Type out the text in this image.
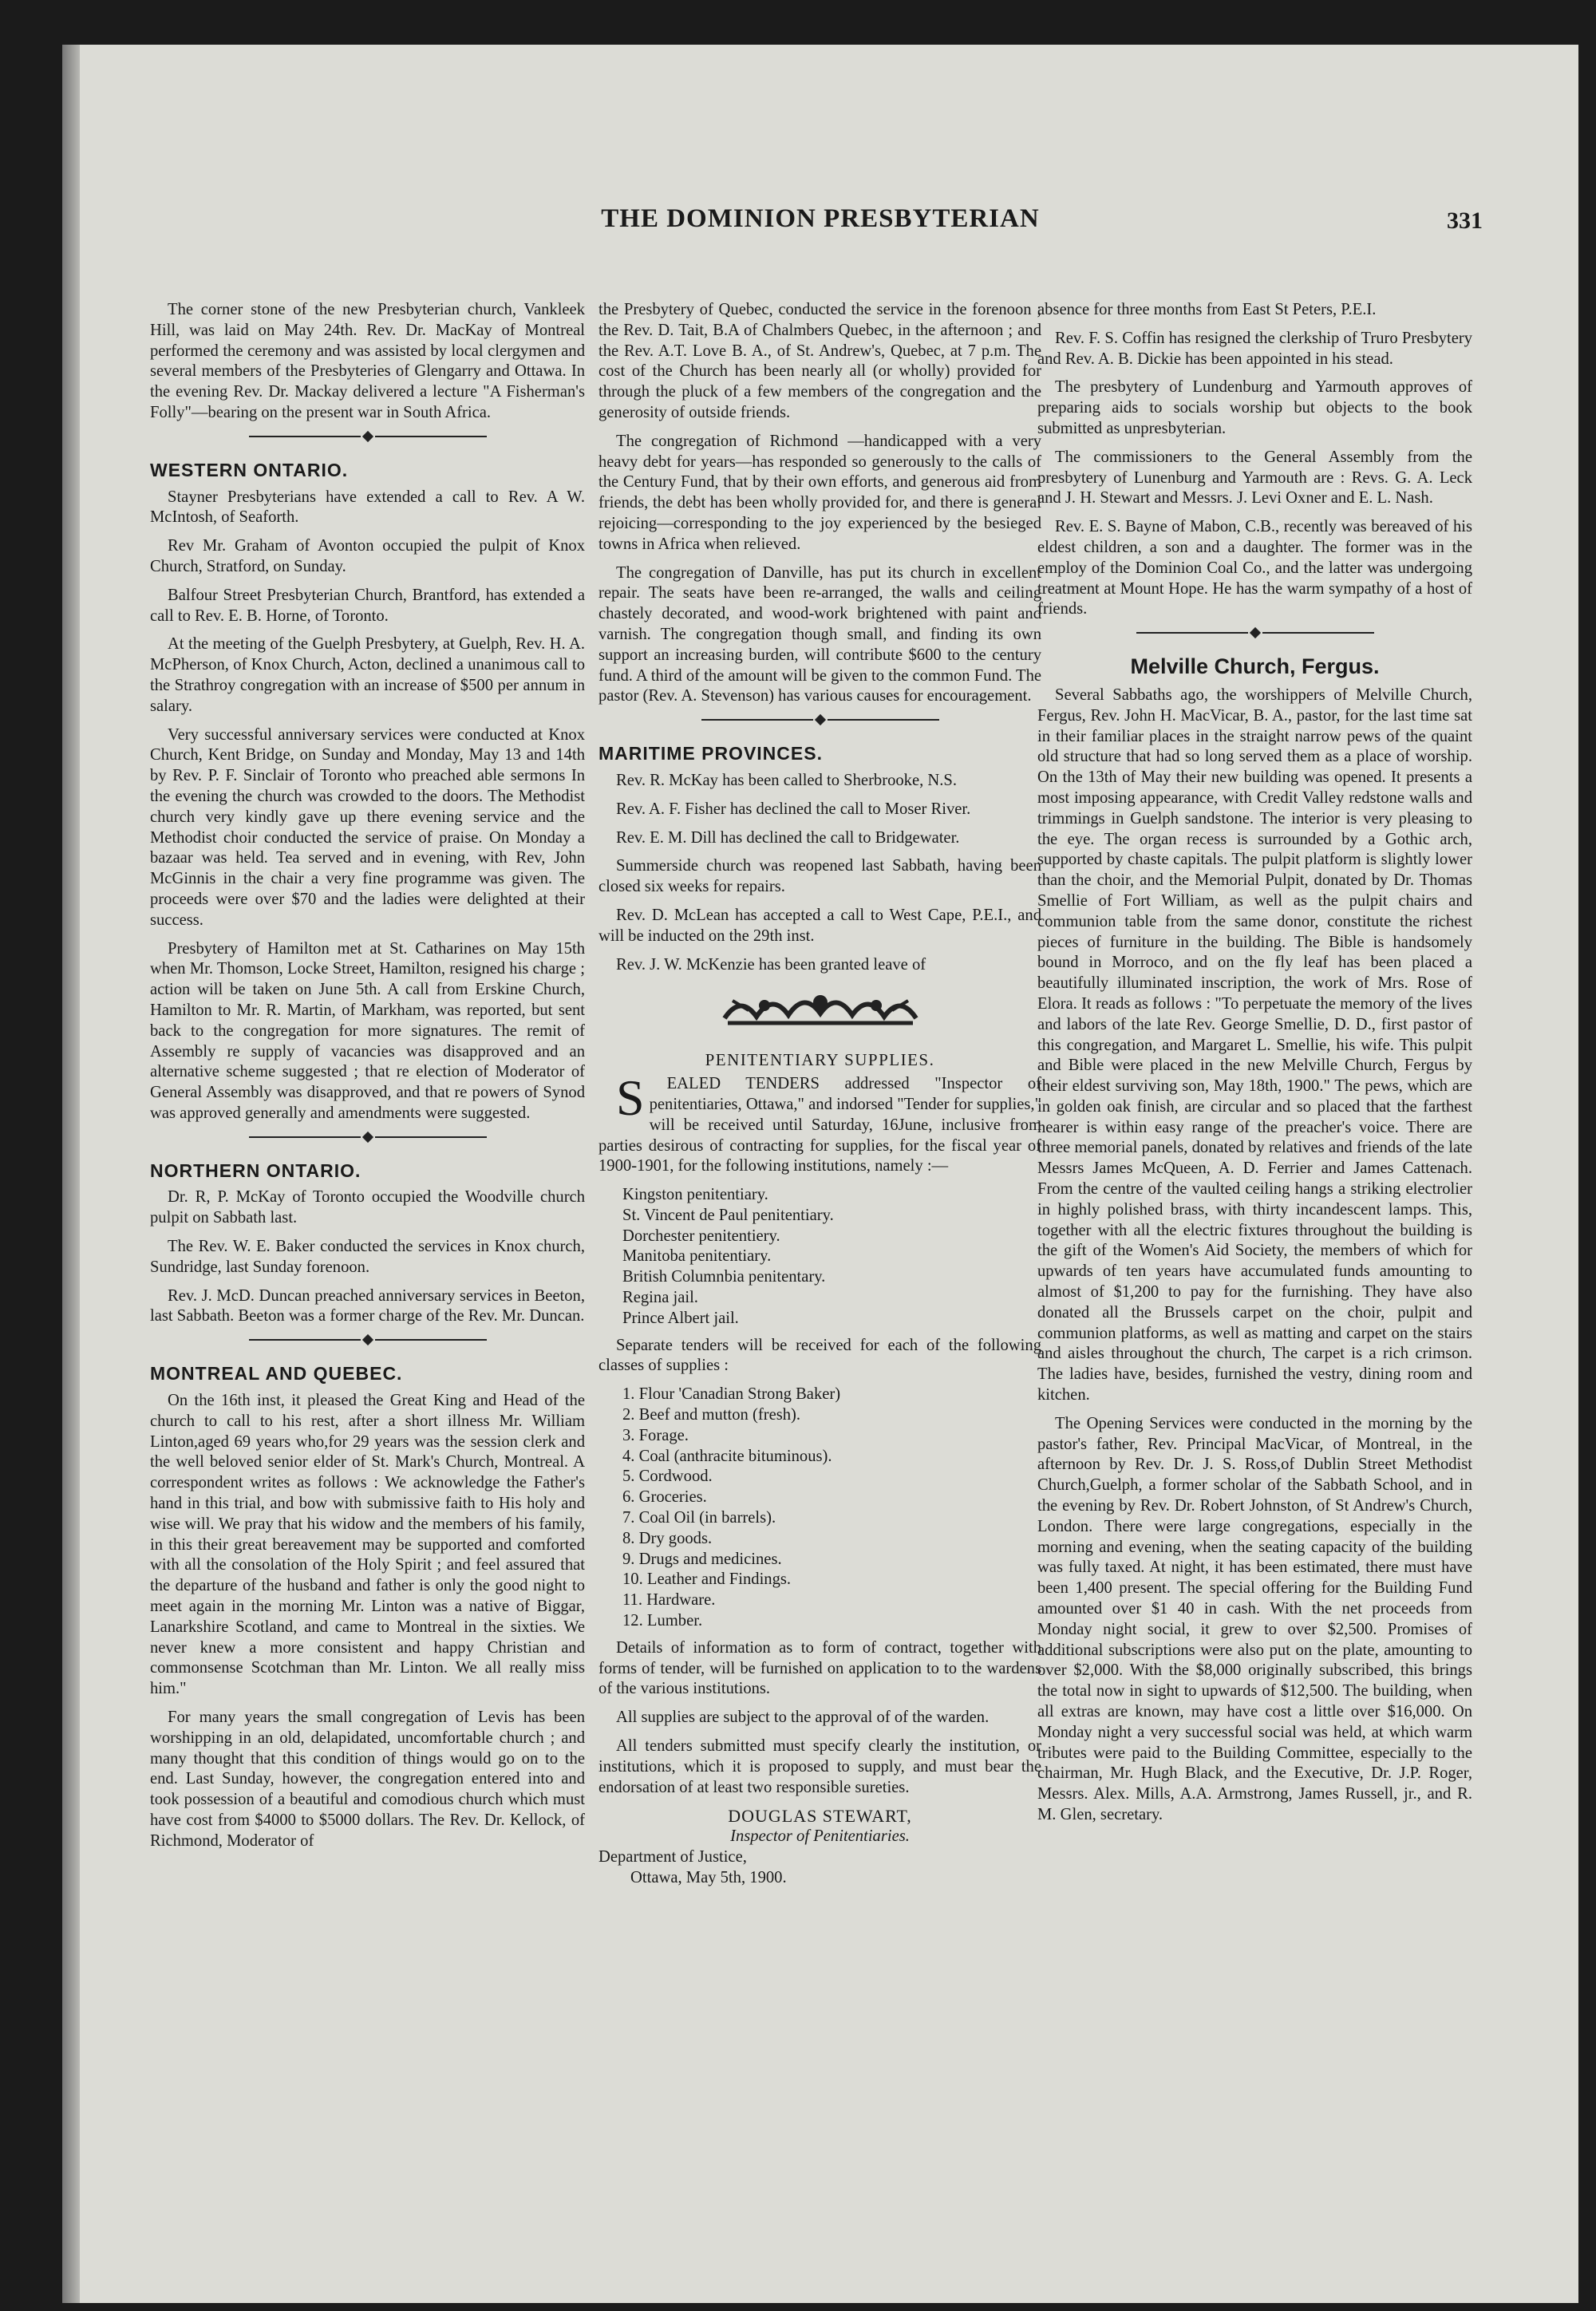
THE DOMINION PRESBYTERIAN	331

The corner stone of the new Presbyterian church, Vankleek Hill, was laid on May 24th. Rev. Dr. MacKay of Montreal performed the ceremony and was assisted by local clergymen and several members of the Presbyteries of Glengarry and Ottawa. In the evening Rev. Dr. Mackay delivered a lecture "A Fisherman's Folly"—bearing on the present war in South Africa.

WESTERN ONTARIO.

Stayner Presbyterians have extended a call to Rev. A W. McIntosh, of Seaforth.

Rev Mr. Graham of Avonton occupied the pulpit of Knox Church, Stratford, on Sunday.

Balfour Street Presbyterian Church, Brantford, has extended a call to Rev. E. B. Horne, of Toronto.

At the meeting of the Guelph Presbytery, at Guelph, Rev. H. A. McPherson, of Knox Church, Acton, declined a unanimous call to the Strathroy congregation with an increase of $500 per annum in salary.

Very successful anniversary services were conducted at Knox Church, Kent Bridge, on Sunday and Monday, May 13 and 14th by Rev. P. F. Sinclair of Toronto who preached able sermons In the evening the church was crowded to the doors. The Methodist church very kindly gave up there evening service and the Methodist choir conducted the service of praise. On Monday a bazaar was held. Tea served and in evening, with Rev, John McGinnis in the chair a very fine programme was given. The proceeds were over $70 and the ladies were delighted at their success.

Presbytery of Hamilton met at St. Catharines on May 15th when Mr. Thomson, Locke Street, Hamilton, resigned his charge ; action will be taken on June 5th. A call from Erskine Church, Hamilton to Mr. R. Martin, of Markham, was reported, but sent back to the congregation for more signatures. The remit of Assembly re supply of vacancies was disapproved and an alternative scheme suggested ; that re election of Moderator of General Assembly was disapproved, and that re powers of Synod was approved generally and amendments were suggested.

NORTHERN ONTARIO.

Dr. R, P. McKay of Toronto occupied the Woodville church pulpit on Sabbath last.

The Rev. W. E. Baker conducted the services in Knox church, Sundridge, last Sunday forenoon.

Rev. J. McD. Duncan preached anniversary services in Beeton, last Sabbath. Beeton was a former charge of the Rev. Mr. Duncan.

MONTREAL AND QUEBEC.

On the 16th inst, it pleased the Great King and Head of the church to call to his rest, after a short illness Mr. William Linton,aged 69 years who,for 29 years was the session clerk and the well beloved senior elder of St. Mark's Church, Montreal. A correspondent writes as follows : We acknowledge the Father's hand in this trial, and bow with submissive faith to His holy and wise will. We pray that his widow and the members of his family, in this their great bereavement may be supported and comforted with all the consolation of the Holy Spirit ; and feel assured that the departure of the husband and father is only the good night to meet again in the morning Mr. Linton was a native of Biggar, Lanarkshire Scotland, and came to Montreal in the sixties. We never knew a more consistent and happy Christian and commonsense Scotchman than Mr. Linton. We all really miss him."

For many years the small congregation of Levis has been worshipping in an old, delapidated, uncomfortable church ; and many thought that this condition of things would go on to the end. Last Sunday, however, the congregation entered into and took possession of a beautiful and comodious church which must have cost from $4000 to $5000 dollars. The Rev. Dr. Kellock, of Richmond, Moderator of

the Presbytery of Quebec, conducted the service in the forenoon ; the Rev. D. Tait, B.A of Chalmbers Quebec, in the afternoon ; and the Rev. A.T. Love B. A., of St. Andrew's, Quebec, at 7 p.m. The cost of the Church has been nearly all (or wholly) provided for through the pluck of a few members of the congregation and the generosity of outside friends.

The congregation of Richmond —handicapped with a very heavy debt for years—has responded so generously to the calls of the Century Fund, that by their own efforts, and generous aid from friends, the debt has been wholly provided for, and there is general rejoicing—corresponding to the joy experienced by the besieged towns in Africa when relieved.

The congregation of Danville, has put its church in excellent repair. The seats have been re-arranged, the walls and ceiling chastely decorated, and wood-work brightened with paint and varnish. The congregation though small, and finding its own support an increasing burden, will contribute $600 to the century fund. A third of the amount will be given to the common Fund. The pastor (Rev. A. Stevenson) has various causes for encouragement.

MARITIME PROVINCES.

Rev. R. McKay has been called to Sherbrooke, N.S.

Rev. A. F. Fisher has declined the call to Moser River.

Rev. E. M. Dill has declined the call to Bridgewater.

Summerside church was reopened last Sabbath, having been closed six weeks for repairs.

Rev. D. McLean has accepted a call to West Cape, P.E.I., and will be inducted on the 29th inst.

Rev. J. W. McKenzie has been granted leave of

PENITENTIARY SUPPLIES.

S EALED TENDERS addressed "Inspector of penitentiaries, Ottawa," and indorsed "Tender for supplies," will be received until Saturday, 16June, inclusive from parties desirous of contracting for supplies, for the fiscal year of 1900-1901, for the following institutions, namely :—

Kingston penitentiary.
St. Vincent de Paul penitentiary.
Dorchester penitentiery.
Manitoba penitentiary.
British Columnbia penitentary.
Regina jail.
Prince Albert jail.

Separate tenders will be received for each of the following classes of supplies :

1. Flour 'Canadian Strong Baker)
2. Beef and mutton (fresh).
3. Forage.
4. Coal (anthracite bituminous).
5. Cordwood.
6. Groceries.
7. Coal Oil (in barrels).
8. Dry goods.
9. Drugs and medicines.
10. Leather and Findings.
11. Hardware.
12. Lumber.

Details of information as to form of contract, together with forms of tender, will be furnished on application to to the wardens of the various institutions.

All supplies are subject to the approval of of the warden.

All tenders submitted must specify clearly the institution, or institutions, which it is proposed to supply, and must bear the endorsation of at least two responsible sureties.

DOUGLAS STEWART,
Inspector of Penitentiaries.
Department of Justice,
Ottawa, May 5th, 1900.

absence for three months from East St Peters, P.E.I.

Rev. F. S. Coffin has resigned the clerkship of Truro Presbytery and Rev. A. B. Dickie has been appointed in his stead.

The presbytery of Lundenburg and Yarmouth approves of preparing aids to socials worship but objects to the book submitted as unpresbyterian.

The commissioners to the General Assembly from the presbytery of Lunenburg and Yarmouth are : Revs. G. A. Leck and J. H. Stewart and Messrs. J. Levi Oxner and E. L. Nash.

Rev. E. S. Bayne of Mabon, C.B., recently was bereaved of his eldest children, a son and a daughter. The former was in the employ of the Dominion Coal Co., and the latter was undergoing treatment at Mount Hope. He has the warm sympathy of a host of friends.

Melville Church, Fergus.

Several Sabbaths ago, the worshippers of Melville Church, Fergus, Rev. John H. MacVicar, B. A., pastor, for the last time sat in their familiar places in the straight narrow pews of the quaint old structure that had so long served them as a place of worship. On the 13th of May their new building was opened. It presents a most imposing appearance, with Credit Valley redstone walls and trimmings in Guelph sandstone. The interior is very pleasing to the eye. The organ recess is surrounded by a Gothic arch, supported by chaste capitals. The pulpit platform is slightly lower than the choir, and the Memorial Pulpit, donated by Dr. Thomas Smellie of Fort William, as well as the pulpit chairs and communion table from the same donor, constitute the richest pieces of furniture in the building. The Bible is handsomely bound in Morroco, and on the fly leaf has been placed a beautifully illuminated inscription, the work of Mrs. Rose of Elora. It reads as follows : "To perpetuate the memory of the lives and labors of the late Rev. George Smellie, D. D., first pastor of this congregation, and Margaret L. Smellie, his wife. This pulpit and Bible were placed in the new Melville Church, Fergus by their eldest surviving son, May 18th, 1900." The pews, which are in golden oak finish, are circular and so placed that the farthest hearer is within easy range of the preacher's voice. There are three memorial panels, donated by relatives and friends of the late Messrs James McQueen, A. D. Ferrier and James Cattenach. From the centre of the vaulted ceiling hangs a striking electrolier in highly polished brass, with thirty incandescent lamps. This, together with all the electric fixtures throughout the building is the gift of the Women's Aid Society, the members of which for upwards of ten years have accumulated funds amounting to almost of $1,200 to pay for the furnishing. They have also donated all the Brussels carpet on the choir, pulpit and communion platforms, as well as matting and carpet on the stairs and aisles throughout the church, The carpet is a rich crimson. The ladies have, besides, furnished the vestry, dining room and kitchen.

The Opening Services were conducted in the morning by the pastor's father, Rev. Principal MacVicar, of Montreal, in the afternoon by Rev. Dr. J. S. Ross,of Dublin Street Methodist Church,Guelph, a former scholar of the Sabbath School, and in the evening by Rev. Dr. Robert Johnston, of St Andrew's Church, London. There were large congregations, especially in the morning and evening, when the seating capacity of the building was fully taxed. At night, it has been estimated, there must have been 1,400 present. The special offering for the Building Fund amounted over $1 40 in cash. With the net proceeds from Monday night social, it grew to over $2,500. Promises of additional subscriptions were also put on the plate, amounting to over $2,000. With the $8,000 originally subscribed, this brings the total now in sight to upwards of $12,500. The building, when all extras are known, may have cost a little over $16,000. On Monday night a very successful social was held, at which warm tributes were paid to the Building Committee, especially to the chairman, Mr. Hugh Black, and the Executive, Dr. J.P. Roger, Messrs. Alex. Mills, A.A. Armstrong, James Russell, jr., and R. M. Glen, secretary.
